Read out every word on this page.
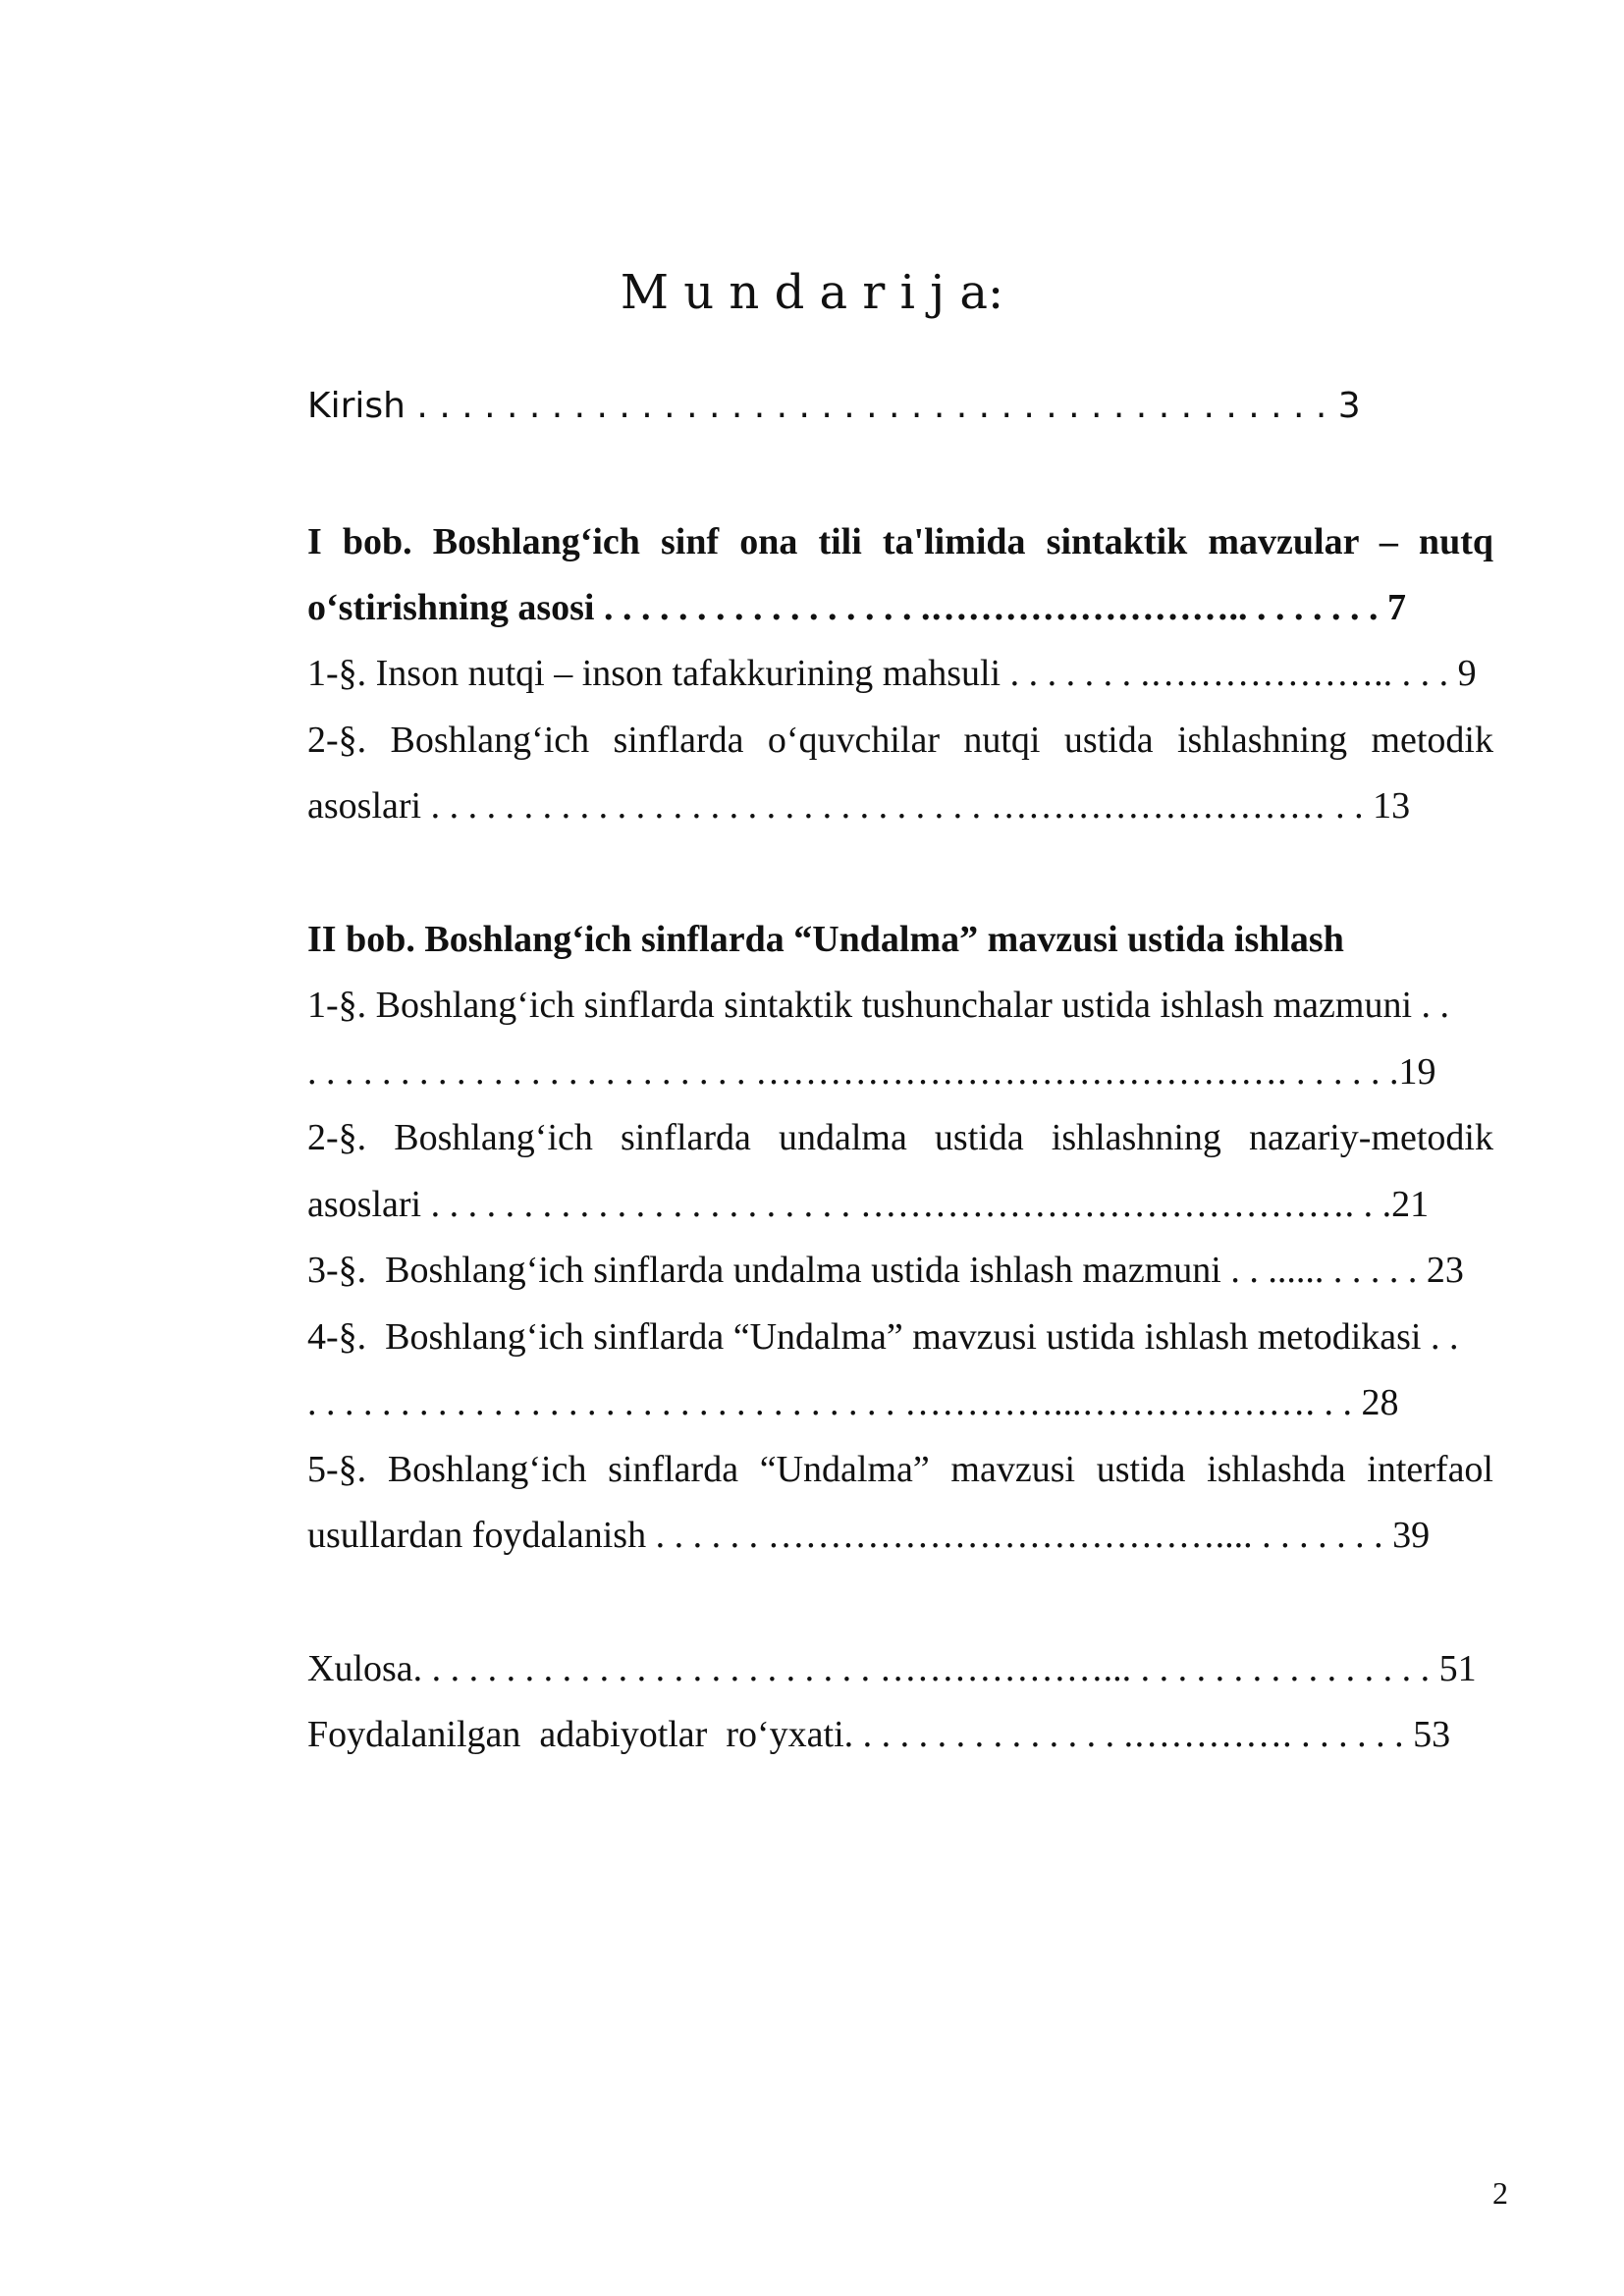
M u n d a r i j a:
Kirish . . . . . . . . . . . . . . . . . . . . . . . . . . . . . . . . . . . . . . . . . 3
I bob. Boshlang‘ich sinf ona tili ta'limida sintaktik mavzular – nutq
o‘stirishning asosi . . . . . . . . . . . . . . . . . .…………………….. . . . . . . . 7
1-§. Inson nutqi – inson tafakkurining mahsuli . . . . . . . .……………….. . . . 9
2-§. Boshlang‘ich sinflarda o‘quvchilar nutqi ustida ishlashning metodik
asoslari . . . . . . . . . . . . . . . . . . . . . . . . . . . . . . ……………………… . . 13
II bob. Boshlang‘ich sinflarda “Undalma” mavzusi ustida ishlash
1-§. Boshlang‘ich sinflarda sintaktik tushunchalar ustida ishlash mazmuni . .
. . . . . . . . . . . . . . . . . . . . . . . . ……………………………………. . . . . . .19
2-§. Boshlang‘ich sinflarda undalma ustida ishlashning nazariy-metodik
asoslari . . . . . . . . . . . . . . . . . . . . . . . …………………………………. . .21
3-§.  Boshlang‘ich sinflarda undalma ustida ishlash mazmuni . . ...... . . . . . 23
4-§.  Boshlang‘ich sinflarda “Undalma” mavzusi ustida ishlash metodikasi . .
. . . . . . . . . . . . . . . . . . . . . . . . . . . . . . . . …………...………………. . . 28
5-§. Boshlang‘ich sinflarda “Undalma” mavzusi ustida ishlashda interfaol
usullardan foydalanish . . . . . . ……………………………….... . . . . . . . 39
Xulosa. . . . . . . . . . . . . . . . . . . . . . . . . ………………... . . . . . . . . . . . . . . . . 51
Foydalanilgan  adabiyotlar  ro‘yxati. . . . . . . . . . . . . . . .…………. . . . . . . 53
2
